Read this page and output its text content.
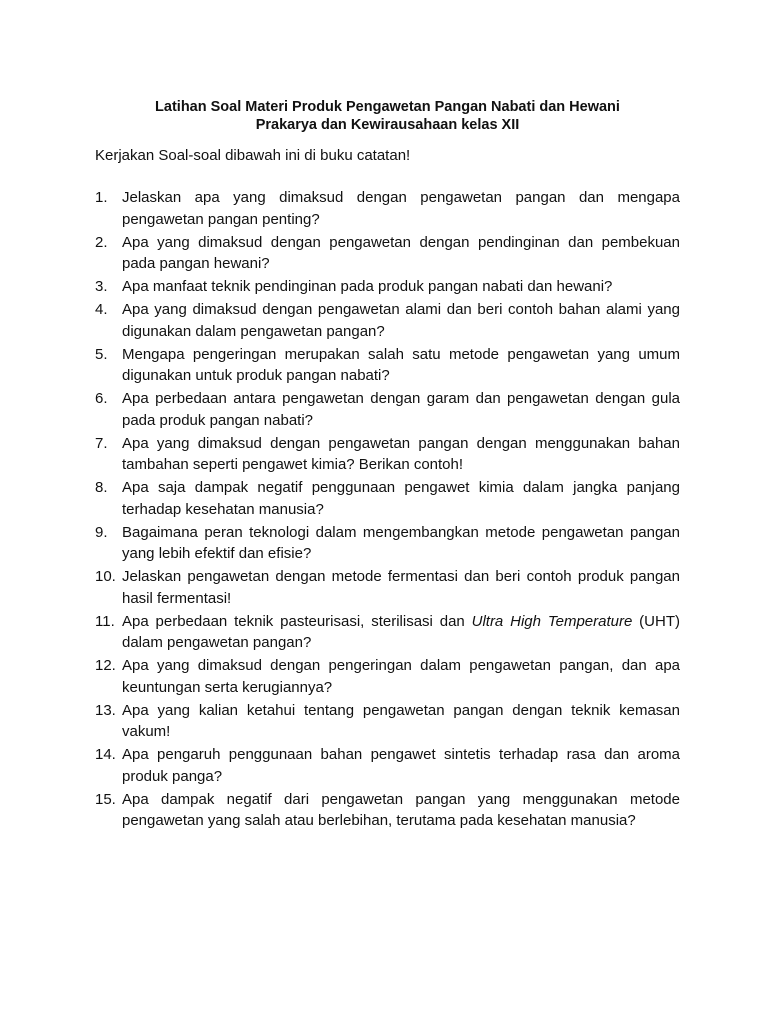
Latihan Soal Materi Produk Pengawetan Pangan Nabati dan Hewani
Prakarya dan Kewirausahaan kelas XII

Kerjakan Soal-soal dibawah ini di buku catatan!

1. Jelaskan apa yang dimaksud dengan pengawetan pangan dan mengapa pengawetan pangan penting?
2. Apa yang dimaksud dengan pengawetan dengan pendinginan dan pembekuan pada pangan hewani?
3. Apa manfaat teknik pendinginan pada produk pangan nabati dan hewani?
4. Apa yang dimaksud dengan pengawetan alami dan beri contoh bahan alami yang digunakan dalam pengawetan pangan?
5. Mengapa pengeringan merupakan salah satu metode pengawetan yang umum digunakan untuk produk pangan nabati?
6. Apa perbedaan antara pengawetan dengan garam dan pengawetan dengan gula pada produk pangan nabati?
7. Apa yang dimaksud dengan pengawetan pangan dengan menggunakan bahan tambahan seperti pengawet kimia? Berikan contoh!
8. Apa saja dampak negatif penggunaan pengawet kimia dalam jangka panjang terhadap kesehatan manusia?
9. Bagaimana peran teknologi dalam mengembangkan metode pengawetan pangan yang lebih efektif dan efisie?
10. Jelaskan pengawetan dengan metode fermentasi dan beri contoh produk pangan hasil fermentasi!
11. Apa perbedaan teknik pasteurisasi, sterilisasi dan Ultra High Temperature (UHT) dalam pengawetan pangan?
12. Apa yang dimaksud dengan pengeringan dalam pengawetan pangan, dan apa keuntungan serta kerugiannya?
13. Apa yang kalian ketahui tentang pengawetan pangan dengan teknik kemasan vakum!
14. Apa pengaruh penggunaan bahan pengawet sintetis terhadap rasa dan aroma produk panga?
15. Apa dampak negatif dari pengawetan pangan yang menggunakan metode pengawetan yang salah atau berlebihan, terutama pada kesehatan manusia?
